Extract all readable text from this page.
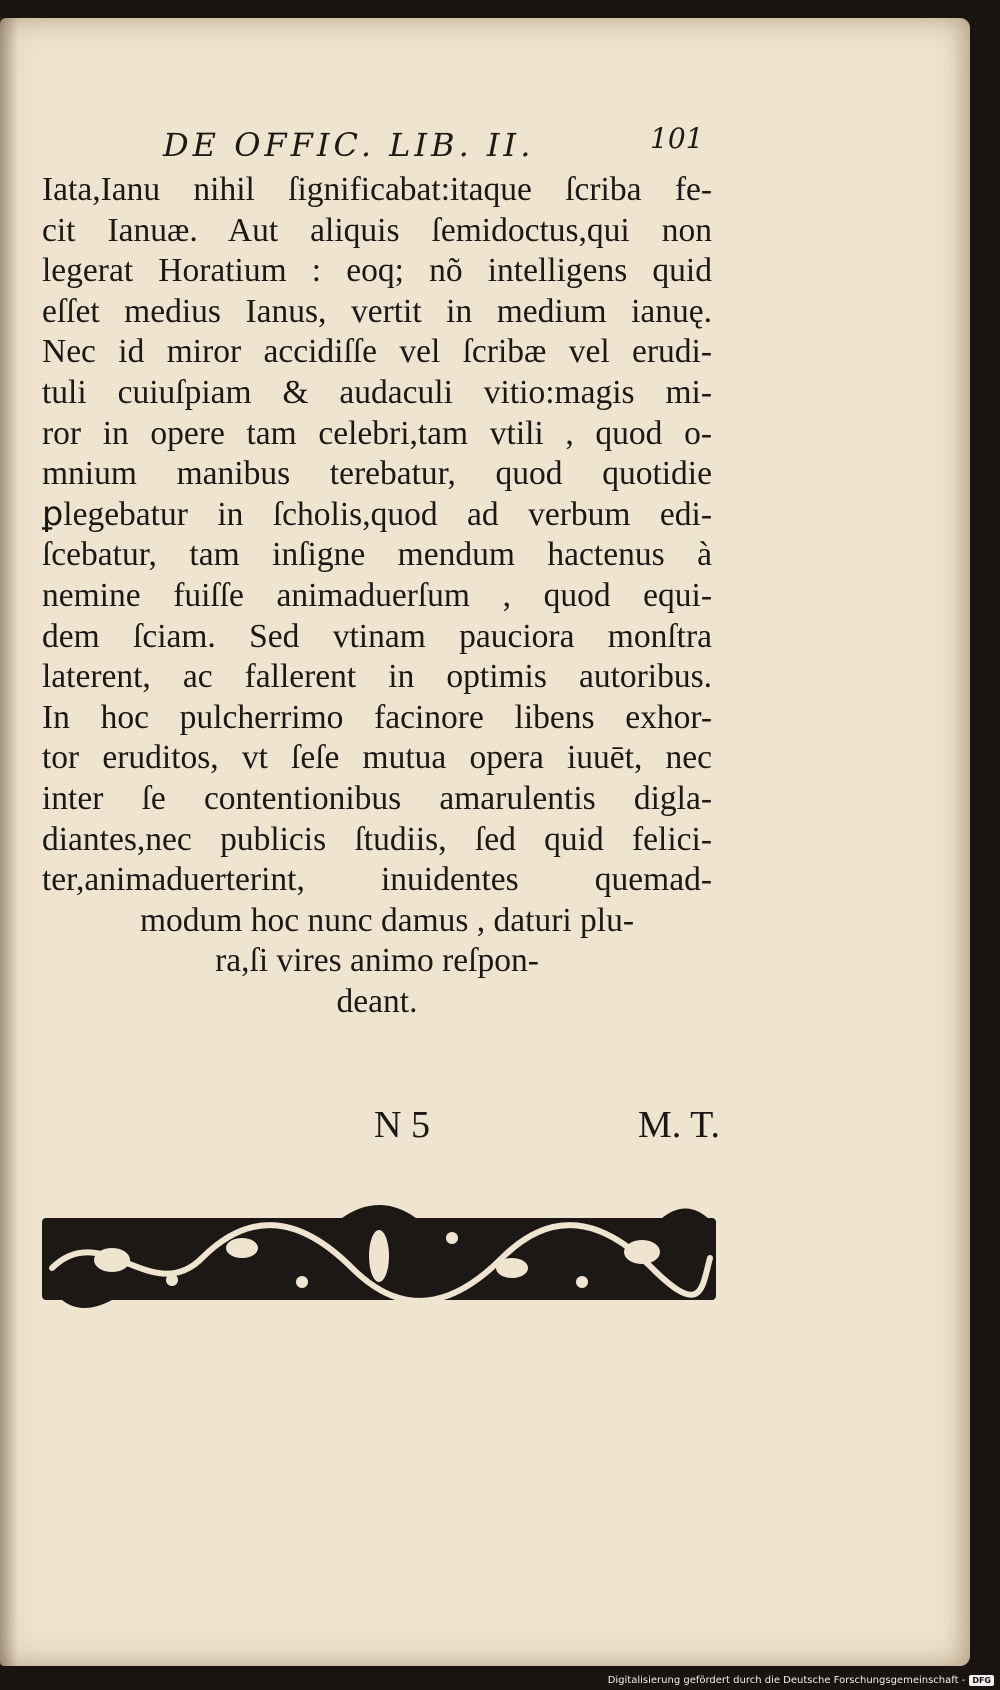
DE OFFIC. LIB. II.	101
Iata,Ianu nihil ſignificabat:itaque ſcriba fe-
cit Ianuæ. Aut aliquis ſemidoctus,qui non
legerat Horatium : eoq; nõ intelligens quid
eſſet medius Ianus, vertit in medium ianuę.
Nec id miror accidiſſe vel ſcribæ vel erudi-
tuli cuiuſpiam & audaculi vitio:magis mi-
ror in opere tam celebri,tam vtili , quod o-
mnium manibus terebatur, quod quotidie
ꝑlegebatur in ſcholis,quod ad verbum edi-
ſcebatur, tam inſigne mendum hactenus à
nemine fuiſſe animaduerſum , quod equi-
dem ſciam. Sed vtinam pauciora monſtra
laterent, ac fallerent in optimis autoribus.
In hoc pulcherrimo facinore libens exhor-
tor eruditos, vt ſeſe mutua opera iuuēt, nec
inter ſe contentionibus amarulentis digla-
diantes,nec publicis ſtudiis, ſed quid felici-
ter,animaduerterint, inuidentes quemad-
modum hoc nunc damus , daturi plu-
ra,ſi vires animo reſpon-
deant.
N 5	M. T.
Digitalisierung gefördert durch die Deutsche Forschungsgemeinschaft - DFG
